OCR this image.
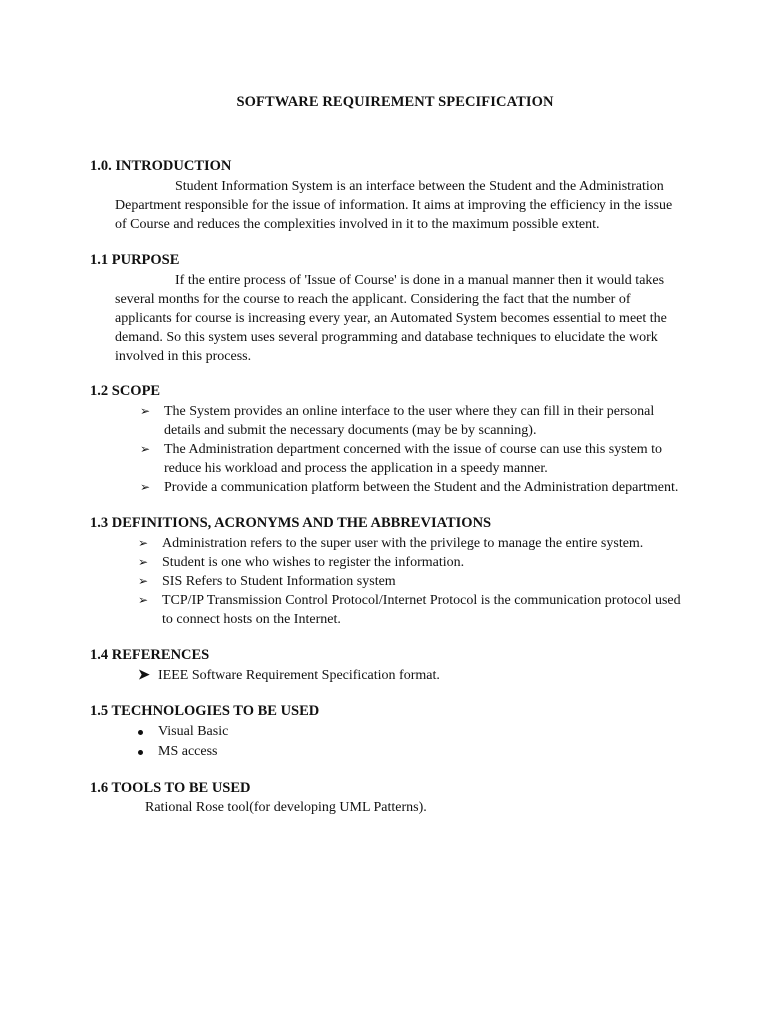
SOFTWARE REQUIREMENT SPECIFICATION
1.0. INTRODUCTION
Student Information System is an interface between the Student and the Administration Department responsible for the issue of information. It aims at improving the efficiency in the issue of Course and reduces the complexities involved in it to the maximum possible extent.
1.1 PURPOSE
If the entire process of 'Issue of Course' is done in a manual manner then it would takes several months for the course to reach the applicant. Considering the fact that the number of applicants for course is increasing every year, an Automated System becomes essential to meet the demand. So this system uses several programming and database techniques to elucidate the work involved in this process.
1.2 SCOPE
➢ The System provides an online interface to the user where they can fill in their personal details and submit the necessary documents (may be by scanning).
➢ The Administration department concerned with the issue of course can use this system to reduce his workload and process the application in a speedy manner.
➢ Provide a communication platform between the Student and the Administration department.
1.3 DEFINITIONS, ACRONYMS AND THE ABBREVIATIONS
➢ Administration refers to the super user with the privilege to manage the entire system.
➢ Student is one who wishes to register the information.
➢ SIS Refers to Student Information system
➢ TCP/IP Transmission Control Protocol/Internet Protocol is the communication protocol used to connect hosts on the Internet.
1.4 REFERENCES
➤ IEEE Software Requirement Specification format.
1.5 TECHNOLOGIES TO BE USED
Visual Basic
MS access
1.6 TOOLS TO BE USED
Rational Rose tool(for developing UML Patterns).
